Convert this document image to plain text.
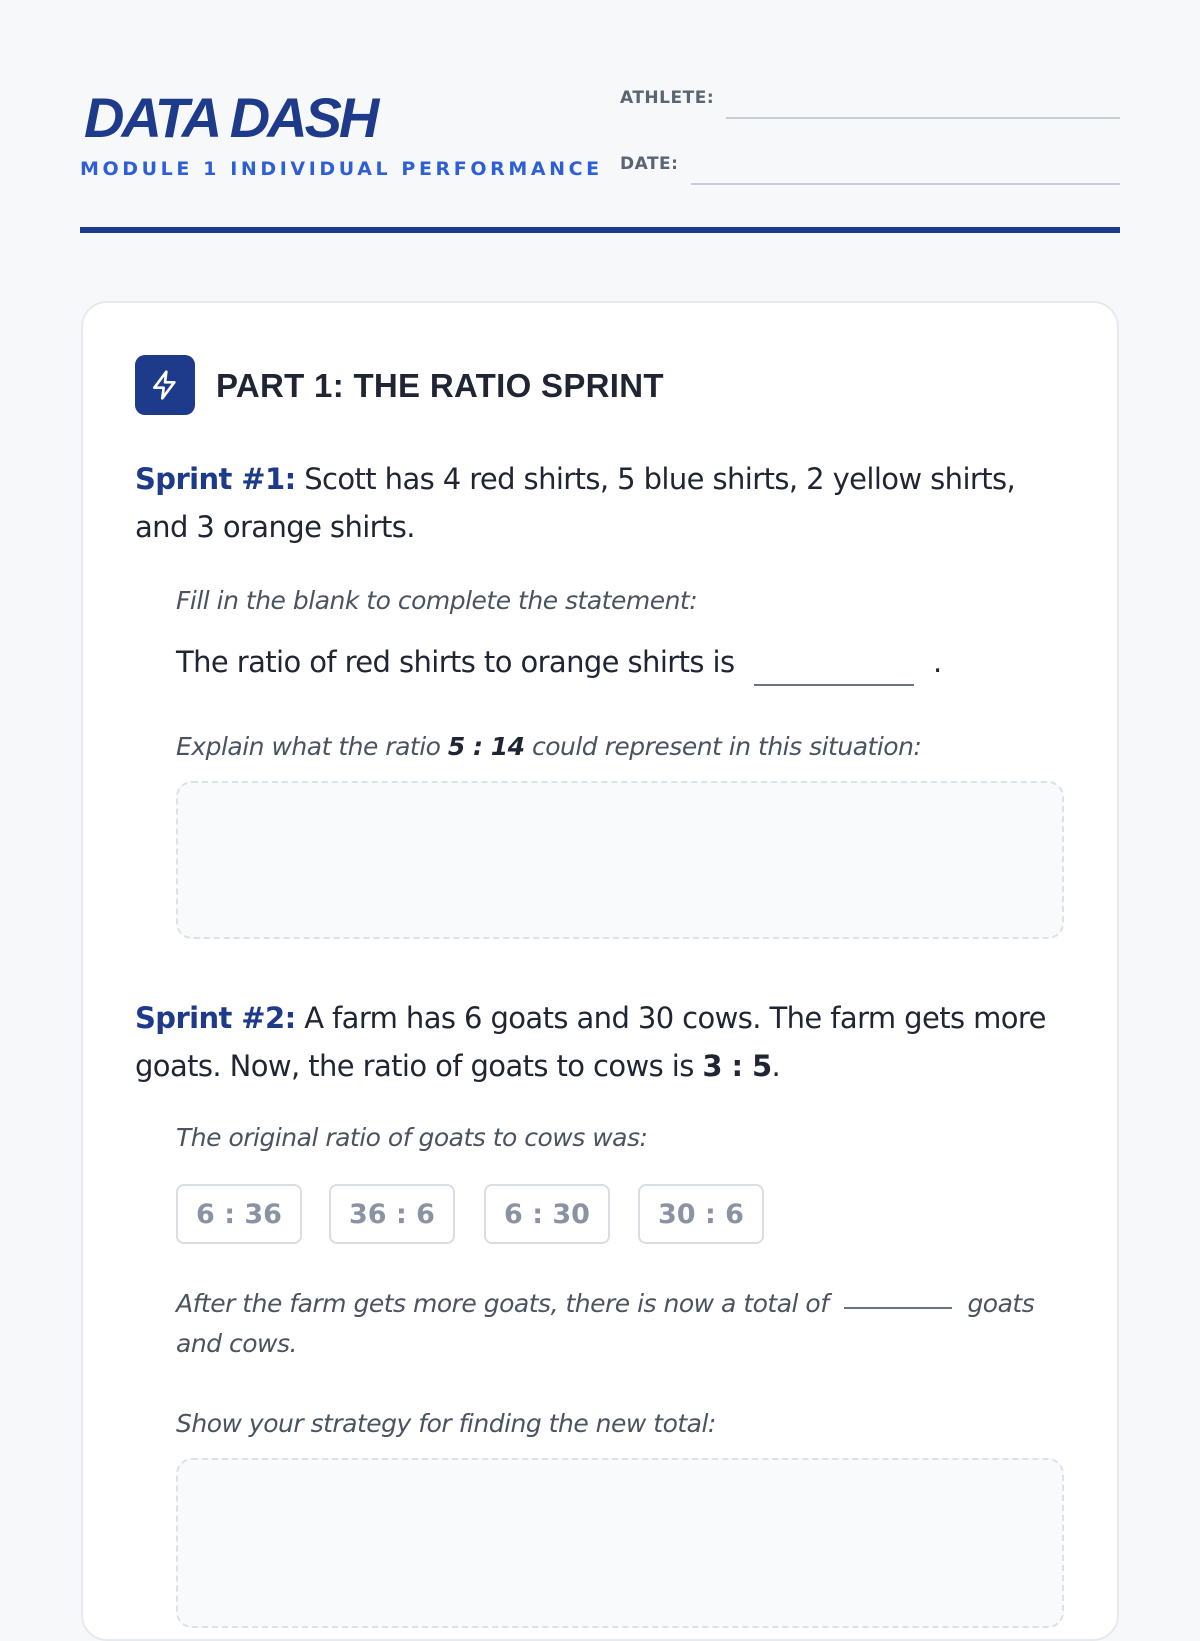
DATA DASH
MODULE 1 INDIVIDUAL PERFORMANCE
ATHLETE:
DATE:
PART 1: THE RATIO SPRINT

Sprint #1: Scott has 4 red shirts, 5 blue shirts, 2 yellow shirts, and 3 orange shirts.

Fill in the blank to complete the statement:

The ratio of red shirts to orange shirts is	.

Explain what the ratio 5 : 14 could represent in this situation:

Sprint #2: A farm has 6 goats and 30 cows. The farm gets more goats. Now, the ratio of goats to cows is 3 : 5.

The original ratio of goats to cows was:

6 : 36	36 : 6	6 : 30	30 : 6

After the farm gets more goats, there is now a total of	goats and cows.

Show your strategy for finding the new total:
